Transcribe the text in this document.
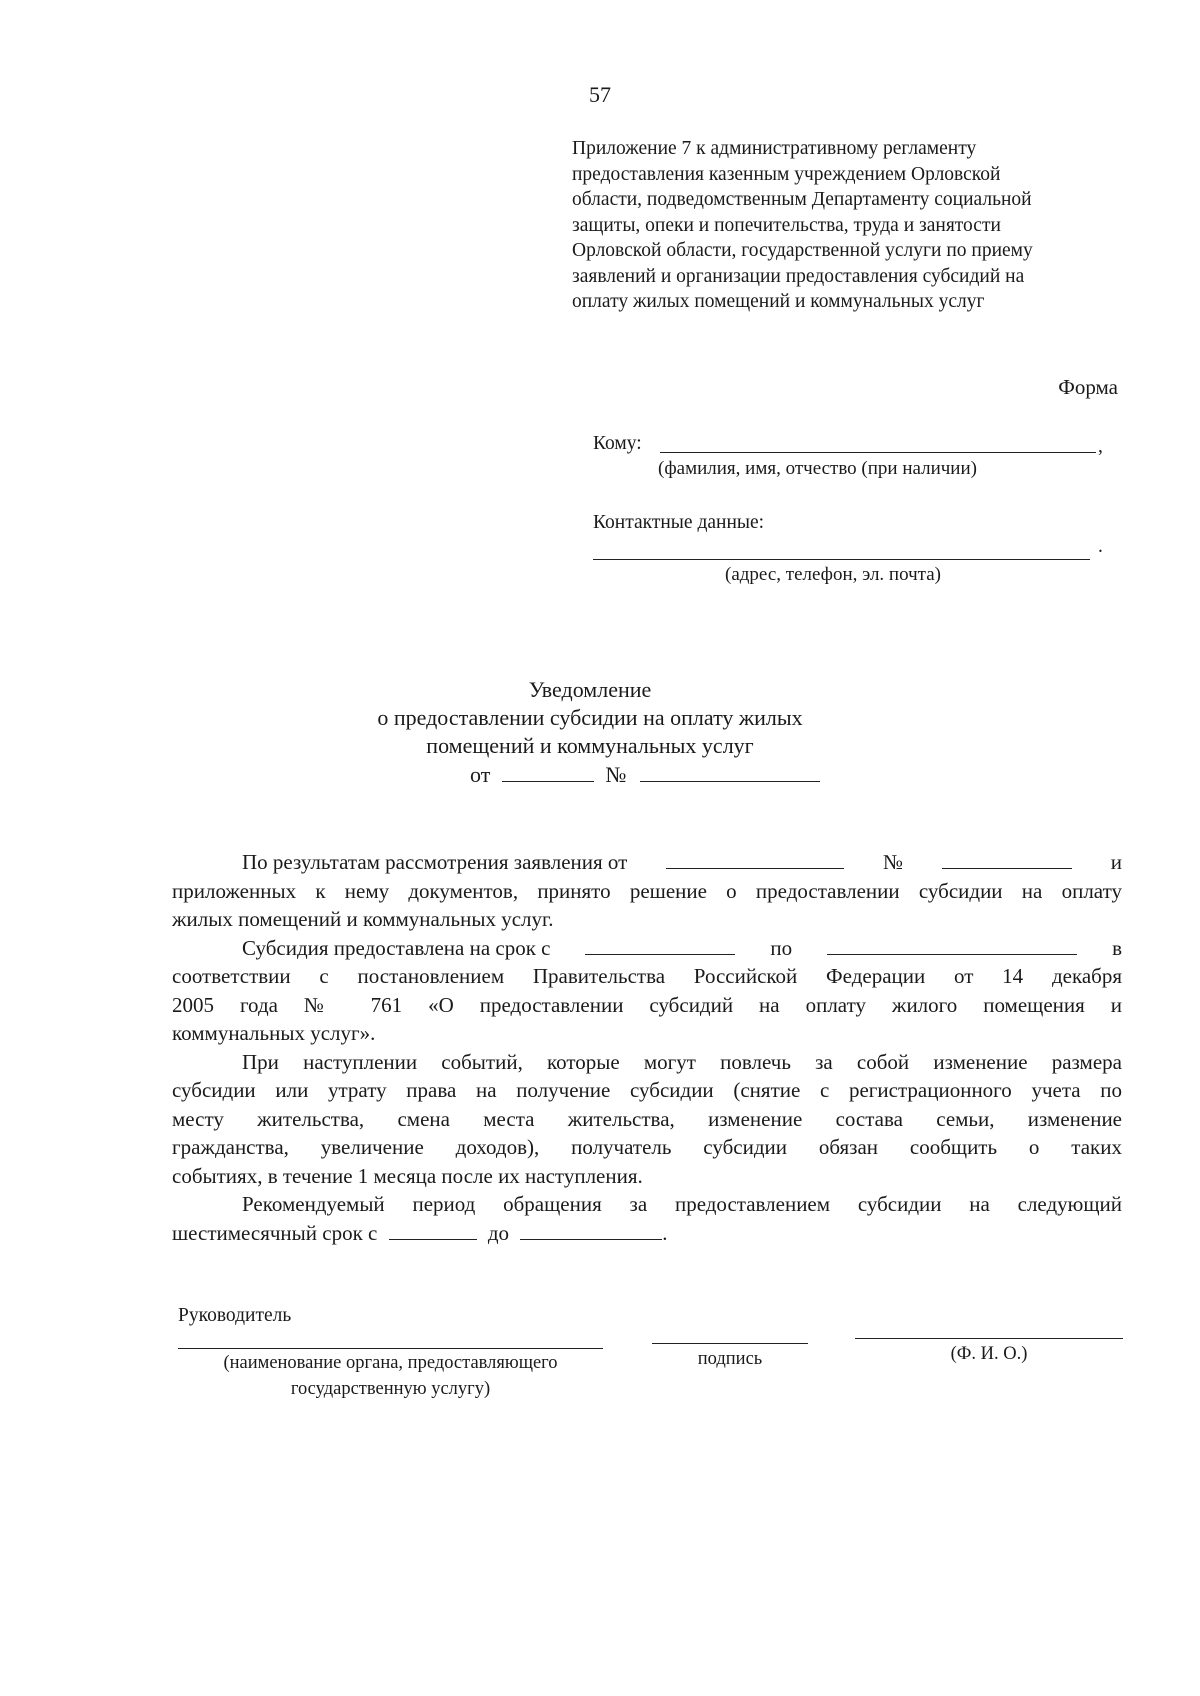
57
Приложение 7 к административному регламенту
предоставления казенным учреждением Орловской
области, подведомственным Департаменту социальной
защиты, опеки и попечительства, труда и занятости
Орловской области, государственной услуги по приему
заявлений и организации предоставления субсидий на
оплату жилых помещений и коммунальных услуг
Форма
Кому:	,
(фамилия, имя, отчество (при наличии)
Контактные данные:
.
(адрес, телефон, эл. почта)
Уведомление
о предоставлении субсидии на оплату жилых
помещений и коммунальных услуг
от	№
По результатам рассмотрения заявления от	№	и
приложенных к нему документов, принято решение о предоставлении субсидии на оплату
жилых помещений и коммунальных услуг.
Субсидия предоставлена на срок с	по	в
соответствии с постановлением Правительства Российской Федерации от 14 декабря
2005 года № 761 «О предоставлении субсидий на оплату жилого помещения и
коммунальных услуг».
При наступлении событий, которые могут повлечь за собой изменение размера
субсидии или утрату права на получение субсидии (снятие с регистрационного учета по
месту жительства, смена места жительства, изменение состава семьи, изменение
гражданства, увеличение доходов), получатель субсидии обязан сообщить о таких
событиях, в течение 1 месяца после их наступления.
Рекомендуемый период обращения за предоставлением субсидии на следующий
шестимесячный срок с	до	.
Руководитель
(наименование органа, предоставляющего
государственную услугу)
подпись	(Ф. И. О.)
